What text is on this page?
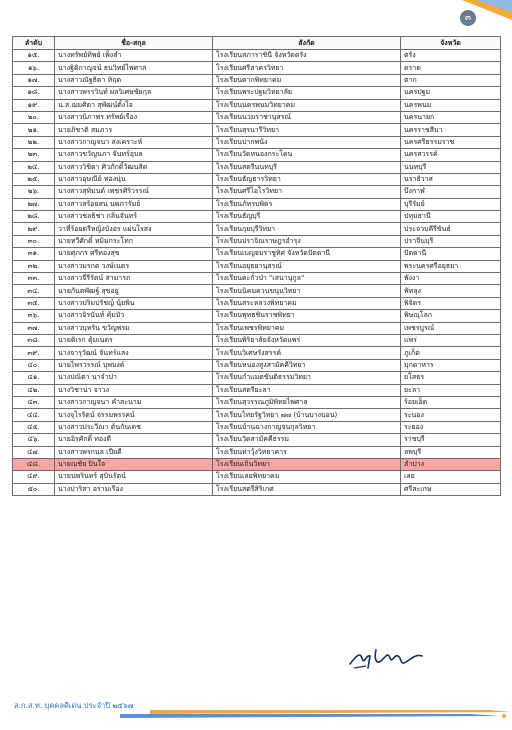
๓
ลำดับ	ชื่อ-สกุล	สังกัด	จังหวัด
๑๕.	นางทรัพย์ทิพย์ เพ็งลำ	โรงเรียนสภาราชินี จังหวัดตรัง	ตรัง
๑๖.	นางฐิติกาญจน์ ธนวิทย์ไพศาล	โรงเรียนศรีสาครวิทยา	ตราด
๑๗.	นางสาวณัฐธิดา ทิฤต	โรงเรียนตากพิทยาคม	ตาก
๑๘.	นางสาวพรรวินท์ ผลวิเศษชัยกุล	โรงเรียนพระปฐมวิทยาลัย	นครปฐม
๑๙.	น.ส.ฌมศิตา สุพัฒน์ตั้งใจ	โรงเรียนนครพนมวิทยาคม	นครพนม
๒๐.	นางสาวนิภาพร ทรัพย์เรือง	โรงเรียนนวมราชานุสรณ์	นครนายก
๒๑.	นายภิชาติ สมภาร	โรงเรียนสุรนารีวิทยา	นครราชสีมา
๒๒.	นางสาวกาญจนา สงเคราะห์	โรงเรียนปากพนัง	นครศรีธรรมราช
๒๓.	นางสาวขวัญนภา จันทร์อุบล	โรงเรียนวัดหนองกระโดน	นครสวรรค์
๒๔.	นางสาววิชิตา ศิวภักดิ์วัฒนสิด	โรงเรียนสตรีนนทบุรี	นนทบุรี
๒๕.	นางสาวอุษณีย์ ทองนุ่น	โรงเรียนธัญธารวิทยา	นราธิวาส
๒๖.	นางสาวสุทิมนต์ เพชรศิริวรรณ์	โรงเรียนศรีไอโรวิทยา	บึงกาฬ
๒๗.	นางสาวสร้อยสน นพภารัมย์	โรงเรียนภัทรบพิตร	บุรีรัมย์
๒๘.	นางสาวชลธิชา กลิ่นจันทร์	โรงเรียนธัญบุรี	ปทุมธานี
๒๙.	ว่าที่ร้อยตรีหญิงบังอร แผ่นโรสง	โรงเรียนกุยบุรีวิทยา	ประจวบคีรีขันธ์
๓๐.	นายทวีศักดิ์ หมิมกระโทก	โรงเรียนปราจิณราษฎรอำรุง	ปราจีนบุรี
๓๑.	นายศุภกร ศรีทองสุข	โรงเรียนเบญจมราชูทิศ จังหวัดปัตตานี	ปัตตานี
๓๒.	นางสาวมรกต วงษ์เนตร	โรงเรียนอยุธยานุสรณ์	พระนครศรีอยุธยา
๓๓.	นางสาวจีรีรัตน์ สามารถ	โรงเรียนตะกั่วป่า "เสนานุกูล"	พังงา
๓๔.	นายกันตพัฒฐ์ สุขอยู่	โรงเรียนนิคมควนขนุนวิทยา	พัทลุง
๓๕.	นางสาวปริมปรัชญ์ นุ้ยพิน	โรงเรียนสระหลวงพิทยาคม	พิจิตร
๓๖.	นางสาวจิรนันท์ คุ้มบัว	โรงเรียนพุทธชินราชพิทยา	พิษณุโลก
๓๗.	นางสาวบุหรัน ขวัญพรม	โรงเรียนเพชรพิทยาคม	เพชรบูรณ์
๓๘.	นายติเรก คุ้มเนตร	โรงเรียนพิริยาลัยจังหวัดแพร่	แพร่
๓๙.	นางจารุวัฒน์ จันทร์แสง	โรงเรียนวิเศษรังสรรค์	ภูเก็ต
๔๐.	นายไพรวรรณ์ บุพบงค์	โรงเรียนหนองสูงสามัคคีวิทยา	มุกดาหาร
๔๑.	นางปณิตา นาจำปา	โรงเรียนกำแมดขันติธรรมวิทยา	ยโสธร
๔๒.	นางวิชาน่า จาวง	โรงเรียนสตรียะลา	ยะลา
๔๓.	นางสาวกาญจนา คำสะนาม	โรงเรียนสุวรรณภูมิพิทยไพศาล	ร้อยเอ็ด
๔๔.	นางจุไรรัตน์ จรรมพรรคน์	โรงเรียนไทยรัฐวิทยา ๗๗ (บ้านบางบอน)	ระนอง
๔๕.	นางสาวประวีณา ต้นกันเดช	โรงเรียนบ้านฉางกาญจนกุลวิทยา	ระยอง
๔๖.	นายอิรศักดิ์ ทองดี	โรงเรียนวัดสามัคคีธรรม	ราชบุรี
๔๗.	นางสาวพรกนล เปียดี	โรงเรียนท่าวุ้งวิทยาคาร	ลพบุรี
๔๘.	นายณชัย ปินใจ	โรงเรียนเถินวิทยา	ลำปาง
๔๙.	นายนพรินทร์ สุบินรัตน์	โรงเรียนเลยพิทยาคม	เลย
๕๐.	นางปาริสา อร่ามเรือง	โรงเรียนสตรีสิริเกศ	ศรีสะเกษ
ส.ก.ส.ท. บุคคลดีเด่น ประจำปี ๒๕๖๗
